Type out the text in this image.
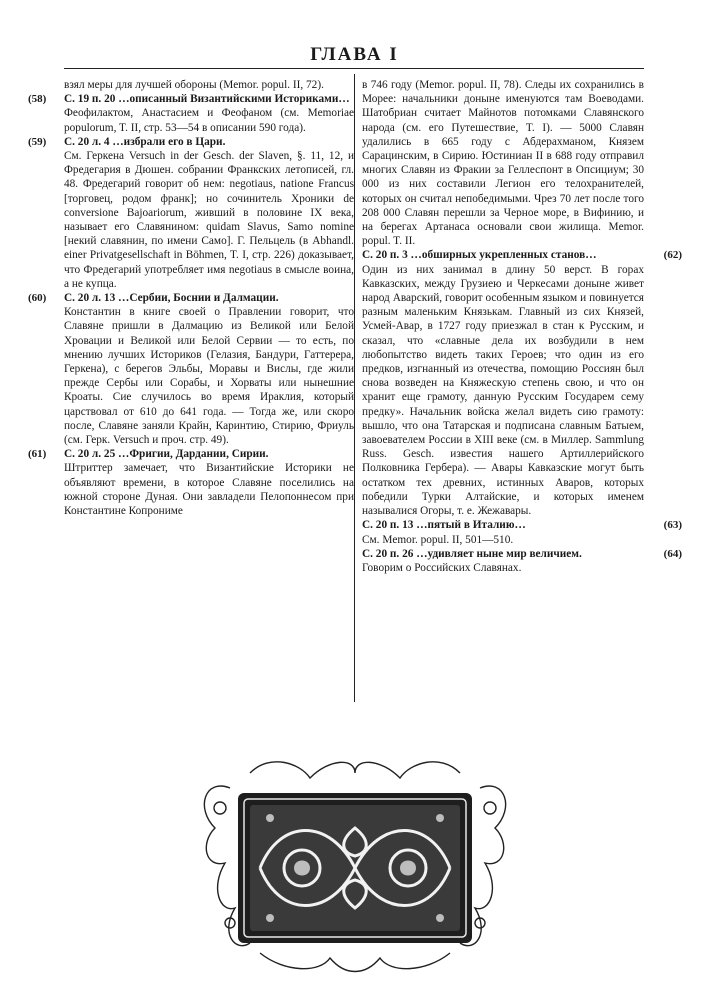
ГЛАВА I

взял меры для лучшей обороны (Memor. popul. II, 72).

(58) С. 19 п. 20 …описанный Византийскими Историками…

Феофилактом, Анастасием и Феофаном (см. Memoriae populorum, T. II, стр. 53—54 в описании 590 года).

(59) С. 20 л. 4 …избрали его в Цари.

См. Геркена Versuch in der Gesch. der Slaven, §. 11, 12, и Фредегария в Дюшен. собрании Франкских летописей, гл. 48. Фредегарий говорит об нем: negotiaus, natione Francus [торговец, родом франк]; но сочинитель Хроники de conversione Bajoariorum, живший в половине IX века, называет его Славянином: quidam Slavus, Samo nomine [некий славянин, по имени Само]. Г. Пельцель (в Abhandl. einer Privatgesellschaft in Böhmen, T. I, стр. 226) доказывает, что Фредегарий употребляет имя negotiaus в смысле воина, а не купца.

(60) С. 20 л. 13 …Сербии, Боснии и Далмации.

Константин в книге своей о Правлении говорит, что Славяне пришли в Далмацию из Великой или Белой Хровации и Великой или Белой Сервии — то есть, по мнению лучших Историков (Гелазия, Бандури, Гаттерера, Геркена), с берегов Эльбы, Моравы и Вислы, где жили прежде Сербы или Сорабы, и Хорваты или нынешние Кроаты. Сие случилось во время Ираклия, который царствовал от 610 до 641 года. — Тогда же, или скоро после, Славяне заняли Крайн, Каринтию, Стирию, Фриуль (см. Герк. Versuch и проч. стр. 49).

(61) С. 20 л. 25 …Фригии, Дардании, Сирии.

Штриттер замечает, что Византийские Историки не объявляют времени, в которое Славяне поселились на южной стороне Дуная. Они завладели Пелопоннесом при Константине Копрониме

в 746 году (Memor. popul. II, 78). Следы их сохранились в Морее: начальники доныне именуются там Воеводами. Шатобриан считает Майнотов потомками Славянского народа (см. его Путешествие, T. I). — 5000 Славян удалились в 665 году с Абдерахманом, Князем Сарацинским, в Сирию. Юстиниан II в 688 году отправил многих Славян из Фракии за Геллеспонт в Опсициум; 30 000 из них составили Легион его телохранителей, которых он считал непобедимыми. Чрез 70 лет после того 208 000 Славян перешли за Черное море, в Вифинию, и на берегах Артанаса основали свои жилища. Memor. popul. T. II.

(62)

С. 20 п. 3 …обширных укрепленных станов…

Один из них занимал в длину 50 верст. В горах Кавказских, между Грузиею и Черкесами доныне живет народ Аварский, говорит особенным языком и повинуется разным маленьким Князькам. Главный из сих Князей, Усмей-Авар, в 1727 году приезжал в стан к Русским, и сказал, что «славные дела их возбудили в нем любопытство видеть таких Героев; что один из его предков, изгнанный из отечества, помощию Россиян был снова возведен на Княжескую степень свою, и что он хранит еще грамоту, данную Русским Государем сему предку». Начальник войска желал видеть сию грамоту: вышло, что она Татарская и подписана славным Батыем, завоевателем России в XIII веке (см. в Миллер. Sammlung Russ. Gesch. известия нашего Артиллерийского Полковника Гербера). — Авары Кавказские могут быть остатком тех древних, истинных Аваров, которых победили Турки Алтайские, и которых именем называлися Огоры, т. е. Жежавары.

(63)

С. 20 п. 13 …пятый в Италию…

См. Memor. popul. II, 501—510.

(64)

С. 20 п. 26 …удивляет ныне мир величием.

Говорим о Российских Славянах.
